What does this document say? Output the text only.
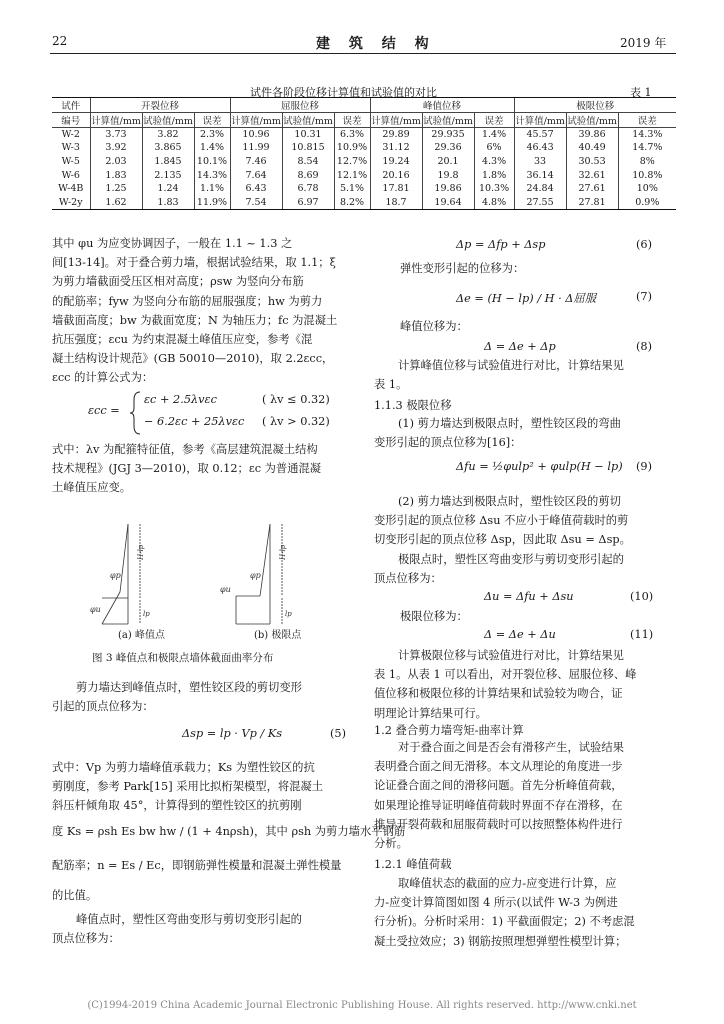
22	建 筑 结 构	2019 年
试件各阶段位移计算值和试验值的对比	表 1
试件	开裂位移			屈服位移			峰值位移			极限位移		
编号	计算值/mm	试验值/mm	误差	计算值/mm	试验值/mm	误差	计算值/mm	试验值/mm	误差	计算值/mm	试验值/mm	误差
W-2	3.73	3.82	2.3%	10.96	10.31	6.3%	29.89	29.935	1.4%	45.57	39.86	14.3%
W-3	3.92	3.865	1.4%	11.99	10.815	10.9%	31.12	29.36	6%	46.43	40.49	14.7%
W-5	2.03	1.845	10.1%	7.46	8.54	12.7%	19.24	20.1	4.3%	33	30.53	8%
W-6	1.83	2.135	14.3%	7.64	8.69	12.1%	20.16	19.8	1.8%	36.14	32.61	10.8%
W-4B	1.25	1.24	1.1%	6.43	6.78	5.1%	17.81	19.86	10.3%	24.84	27.61	10%
W-2y	1.62	1.83	11.9%	7.54	6.97	8.2%	18.7	19.64	4.8%	27.55	27.81	0.9%
其中 φu 为应变协调因子，一般在 1.1 ~ 1.3 之
间[13-14]。对于叠合剪力墙，根据试验结果，取 1.1；ξ
为剪力墙截面受压区相对高度；ρsw 为竖向分布筋
的配筋率；fyw 为竖向分布筋的屈服强度；hw 为剪力
墙截面高度；bw 为截面宽度；N 为轴压力；fc 为混凝土
抗压强度；εcu 为约束混凝土峰值压应变，参考《混
凝土结构设计规范》(GB 50010—2010)，取 2.2εcc，
εcc 的计算公式为：
εcc =
εc + 2.5λvεc	( λv ≤ 0.32)
− 6.2εc + 25λvεc ( λv > 0.32)
式中：λv 为配箍特征值，参考《高层建筑混凝土结构
技术规程》(JGJ 3—2010)，取 0.12；εc 为普通混凝
土峰值压应变。
φp
φu
H-lp
lp
φp
φu
H-lp
lp
(a) 峰值点	(b) 极限点
图 3 峰值点和极限点墙体截面曲率分布
剪力墙达到峰值点时，塑性铰区段的剪切变形
引起的顶点位移为：
Δsp = lp · Vp / Ks	(5)
式中：Vp 为剪力墙峰值承载力；Ks 为塑性铰区的抗
剪刚度，参考 Park[15] 采用比拟桁架模型，将混凝土
斜压杆倾角取 45°，计算得到的塑性铰区的抗剪刚
度 Ks = ρsh Es bw hw / (1 + 4nρsh)，其中 ρsh 为剪力墙水平钢筋
配筋率；n = Es / Ec，即钢筋弹性模量和混凝土弹性模量
的比值。
峰值点时，塑性区弯曲变形与剪切变形引起的
顶点位移为：
Δp = Δfp + Δsp	(6)
弹性变形引起的位移为：
Δe = (H − lp) / H · Δ屈服	(7)
峰值位移为：
Δ = Δe + Δp	(8)
计算峰值位移与试验值进行对比，计算结果见
表 1。
1.1.3 极限位移
(1) 剪力墙达到极限点时，塑性铰区段的弯曲
变形引起的顶点位移为[16]：
Δfu = ½φulp² + φulp(H − lp) (9)
(2) 剪力墙达到极限点时，塑性铰区段的剪切
变形引起的顶点位移 Δsu 不应小于峰值荷载时的剪
切变形引起的顶点位移 Δsp，因此取 Δsu = Δsp。
极限点时，塑性区弯曲变形与剪切变形引起的
顶点位移为：
Δu = Δfu + Δsu	(10)
极限位移为：
Δ = Δe + Δu	(11)
计算极限位移与试验值进行对比，计算结果见
表 1。从表 1 可以看出，对开裂位移、屈服位移、峰
值位移和极限位移的计算结果和试验较为吻合，证
明理论计算结果可行。
1.2 叠合剪力墙弯矩-曲率计算
对于叠合面之间是否会有滑移产生，试验结果
表明叠合面之间无滑移。本文从理论的角度进一步
论证叠合面之间的滑移问题。首先分析峰值荷载，
如果理论推导证明峰值荷载时界面不存在滑移，在
推导开裂荷载和屈服荷载时可以按照整体构件进行
分析。
1.2.1 峰值荷载
取峰值状态的截面的应力-应变进行计算，应
力-应变计算简图如图 4 所示(以试件 W-3 为例进
行分析)。分析时采用：1) 平截面假定；2) 不考虑混
凝土受拉效应；3) 钢筋按照理想弹塑性模型计算；
(C)1994-2019 China Academic Journal Electronic Publishing House. All rights reserved. http://www.cnki.net
